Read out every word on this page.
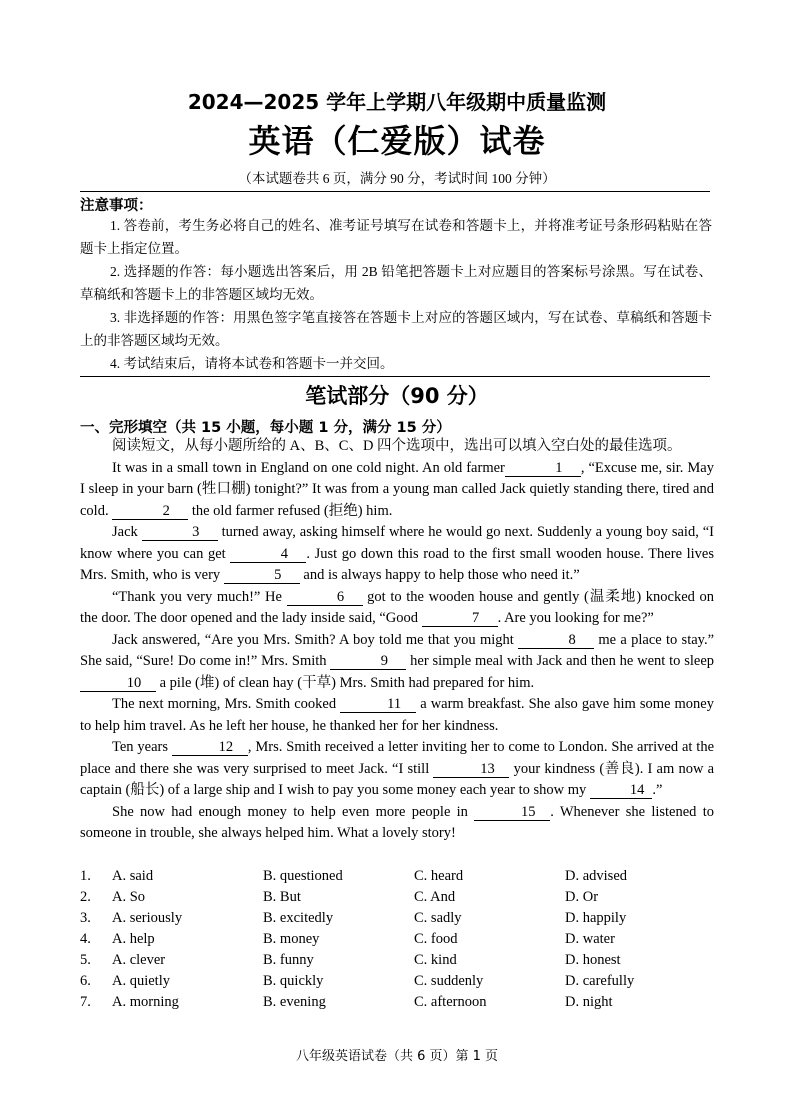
2024—2025 学年上学期八年级期中质量监测
英语（仁爱版）试卷
（本试题卷共 6 页，满分 90 分，考试时间 100 分钟）
注意事项：

1. 答卷前，考生务必将自己的姓名、准考证号填写在试卷和答题卡上，并将准考证号条形码粘贴在答题卡上指定位置。

2. 选择题的作答：每小题选出答案后，用 2B 铅笔把答题卡上对应题目的答案标号涂黑。写在试卷、草稿纸和答题卡上的非答题区域均无效。

3. 非选择题的作答：用黑色签字笔直接答在答题卡上对应的答题区域内，写在试卷、草稿纸和答题卡上的非答题区域均无效。

4. 考试结束后，请将本试卷和答题卡一并交回。

笔试部分（90 分）
一、完形填空（共 15 小题，每小题 1 分，满分 15 分）

阅读短文，从每小题所给的 A、B、C、D 四个选项中，选出可以填入空白处的最佳选项。

It was in a small town in England on one cold night. An old farmer	1 , “Excuse me, sir. May I sleep in your barn (牲口棚) tonight?” It was from a young man called Jack quietly standing there, tired and cold.	2 the old farmer refused (拒绝) him.

Jack	3 turned away, asking himself where he would go next. Suddenly a young boy said, “I know where you can get	4 . Just go down this road to the first small wooden house. There lives Mrs. Smith, who is very	5 and is always happy to help those who need it.”

“Thank you very much!” He	6 got to the wooden house and gently (温柔地) knocked on the door. The door opened and the lady inside said, “Good	7 . Are you looking for me?”

Jack answered, “Are you Mrs. Smith? A boy told me that you might	8 me a place to stay.” She said, “Sure! Do come in!” Mrs. Smith	9 her simple meal with Jack and then he went to sleep 10 a pile (堆) of clean hay (干草) Mrs. Smith had prepared for him.

The next morning, Mrs. Smith cooked	11 a warm breakfast. She also gave him some money to help him travel. As he left her house, he thanked her for her kindness.

Ten years	12 , Mrs. Smith received a letter inviting her to come to London. She arrived at the place and there she was very surprised to meet Jack. “I still	13 your kindness (善良). I am now a captain (船长) of a large ship and I wish to pay you some money each year to show my	14 .”

She now had enough money to help even more people in	15 . Whenever she listened to someone in trouble, she always helped him. What a lovely story!

1.	A. said	B. questioned	C. heard	D. advised
2.	A. So	B. But	C. And	D. Or
3.	A. seriously	B. excitedly	C. sadly	D. happily
4.	A. help	B. money	C. food	D. water
5.	A. clever	B. funny	C. kind	D. honest
6.	A. quietly	B. quickly	C. suddenly	D. carefully
7.	A. morning	B. evening	C. afternoon	D. night
八年级英语试卷（共 6 页）第 1 页
